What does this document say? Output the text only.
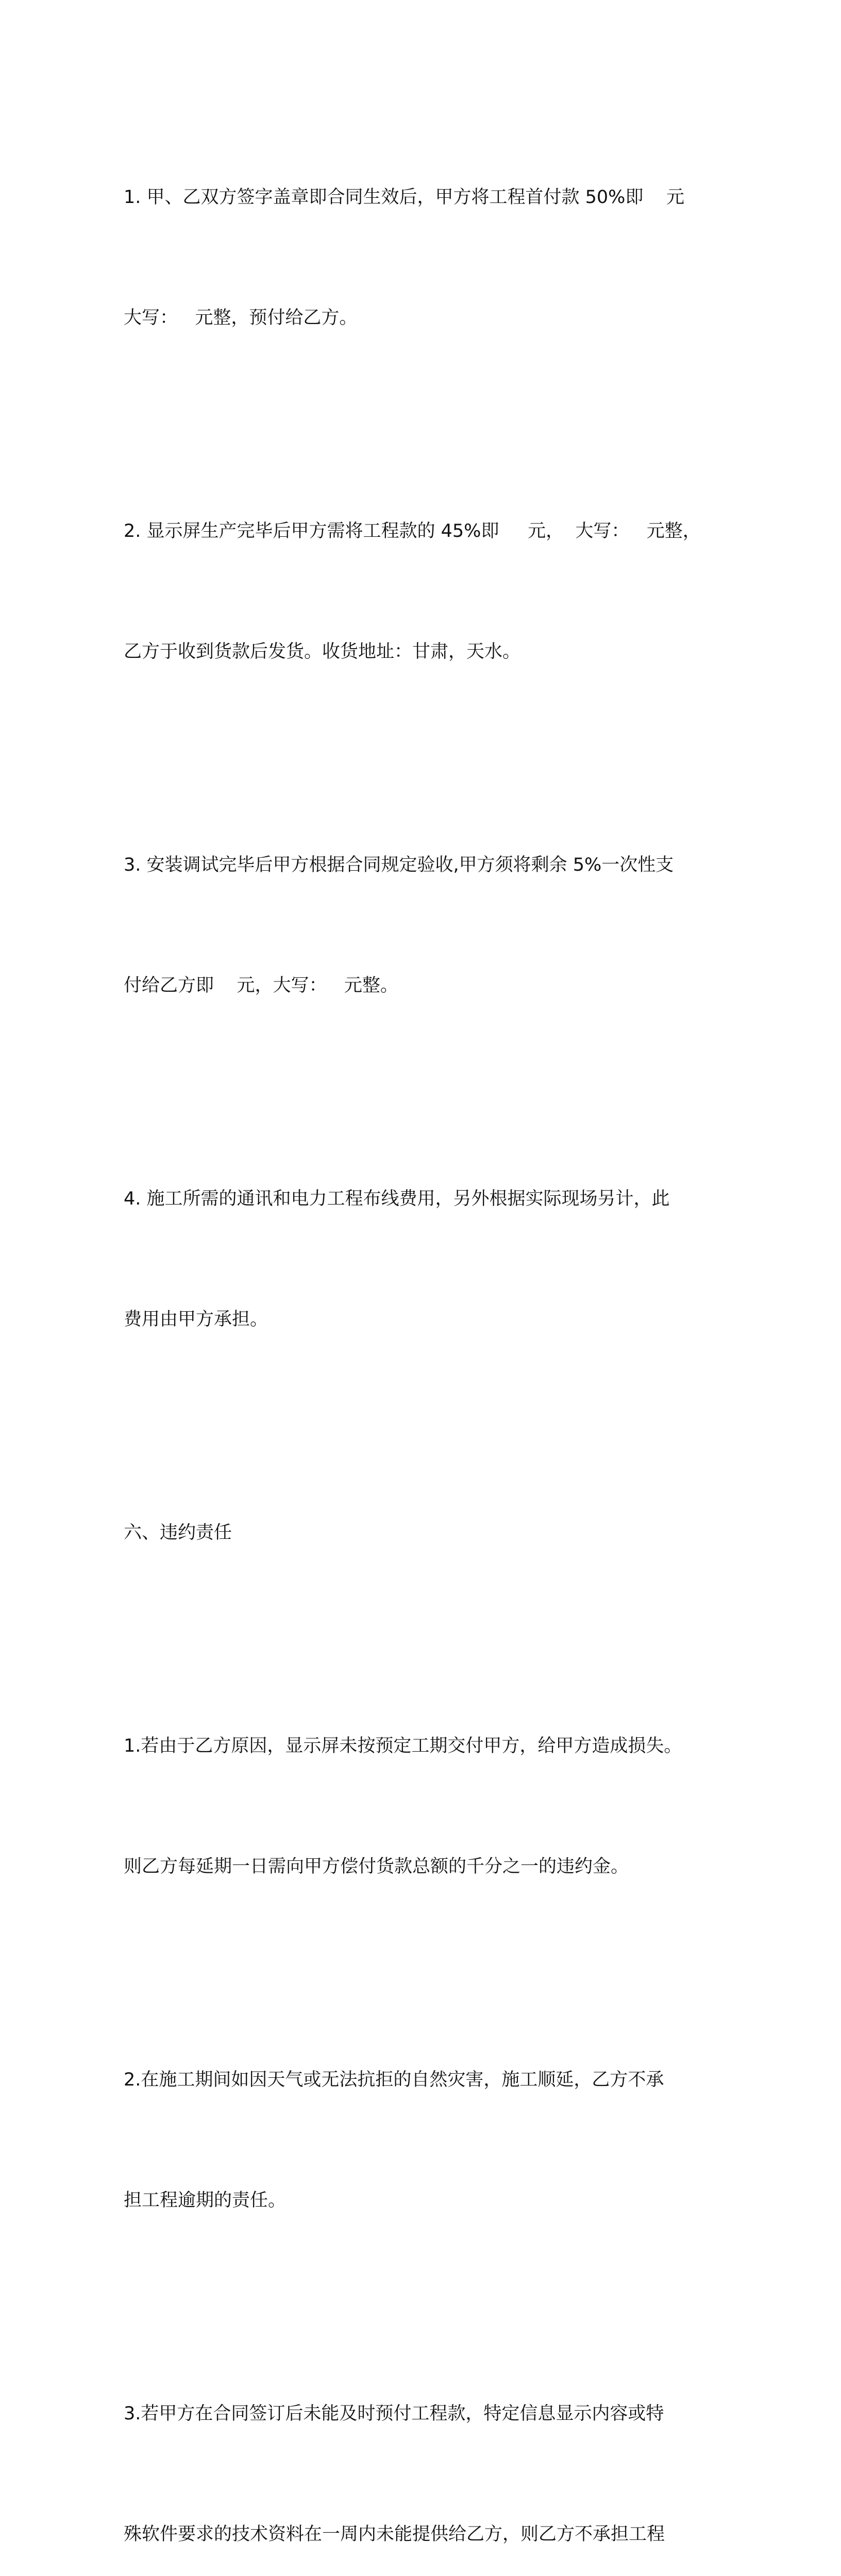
1. 甲、乙双方签字盖章即合同生效后，甲方将工程首付款 50%即    元

大写：   元整，预付给乙方。

2. 显示屏生产完毕后甲方需将工程款的 45%即     元，  大写：   元整，

乙方于收到货款后发货。收货地址：甘肃，天水。

3. 安装调试完毕后甲方根据合同规定验收,甲方须将剩余 5%一次性支

付给乙方即    元，大写：   元整。

4. 施工所需的通讯和电力工程布线费用，另外根据实际现场另计，此

费用由甲方承担。

六、违约责任

1.若由于乙方原因，显示屏未按预定工期交付甲方，给甲方造成损失。

则乙方每延期一日需向甲方偿付货款总额的千分之一的违约金。

2.在施工期间如因天气或无法抗拒的自然灾害，施工顺延，乙方不承

担工程逾期的责任。

3.若甲方在合同签订后未能及时预付工程款，特定信息显示内容或特

殊软件要求的技术资料在一周内未能提供给乙方，则乙方不承担工程
